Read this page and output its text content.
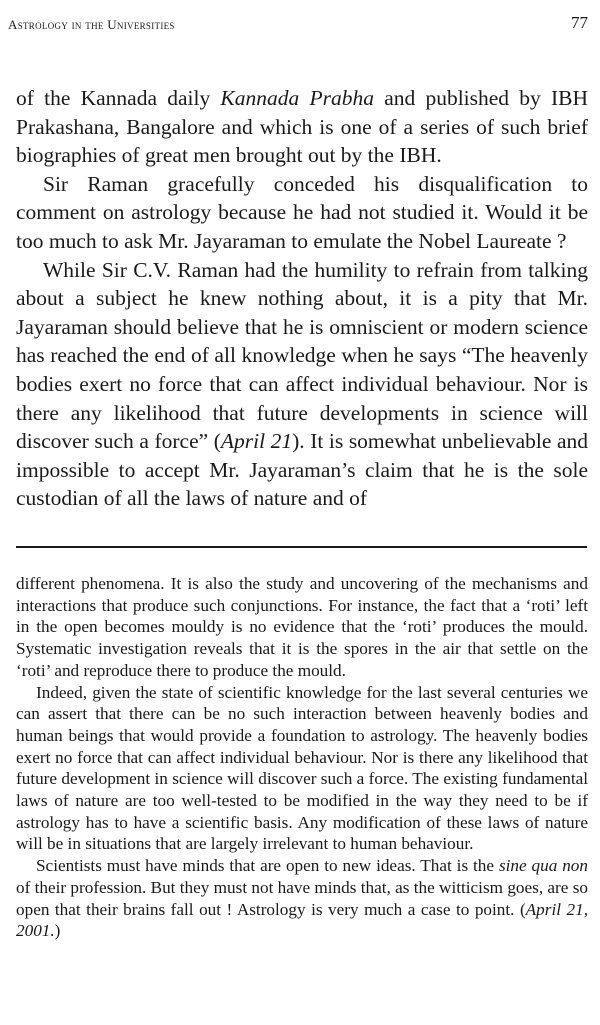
Astrology in the Universities	77

of the Kannada daily Kannada Prabha and published by IBH Prakashana, Bangalore and which is one of a series of such brief biographies of great men brought out by the IBH.

Sir Raman gracefully conceded his disqualification to comment on astrology because he had not studied it. Would it be too much to ask Mr. Jayaraman to emulate the Nobel Laureate ?

While Sir C.V. Raman had the humility to refrain from talking about a subject he knew nothing about, it is a pity that Mr. Jayaraman should believe that he is omniscient or modern science has reached the end of all knowledge when he says “The heavenly bodies exert no force that can affect individual behaviour. Nor is there any likelihood that future developments in science will discover such a force” (April 21). It is somewhat unbelievable and impossible to accept Mr. Jayaraman’s claim that he is the sole custodian of all the laws of nature and of

different phenomena. It is also the study and uncovering of the mechanisms and interactions that produce such conjunctions. For instance, the fact that a ‘roti’ left in the open becomes mouldy is no evidence that the ‘roti’ produces the mould. Systematic investigation reveals that it is the spores in the air that settle on the ‘roti’ and reproduce there to produce the mould.

Indeed, given the state of scientific knowledge for the last several centuries we can assert that there can be no such interaction between heavenly bodies and human beings that would provide a foundation to astrology. The heavenly bodies exert no force that can affect individual behaviour. Nor is there any likelihood that future development in science will discover such a force. The existing fundamental laws of nature are too well-tested to be modified in the way they need to be if astrology has to have a scientific basis. Any modification of these laws of nature will be in situations that are largely irrelevant to human behaviour.

Scientists must have minds that are open to new ideas. That is the sine qua non of their profession. But they must not have minds that, as the witticism goes, are so open that their brains fall out ! Astrology is very much a case to point. (April 21, 2001.)
